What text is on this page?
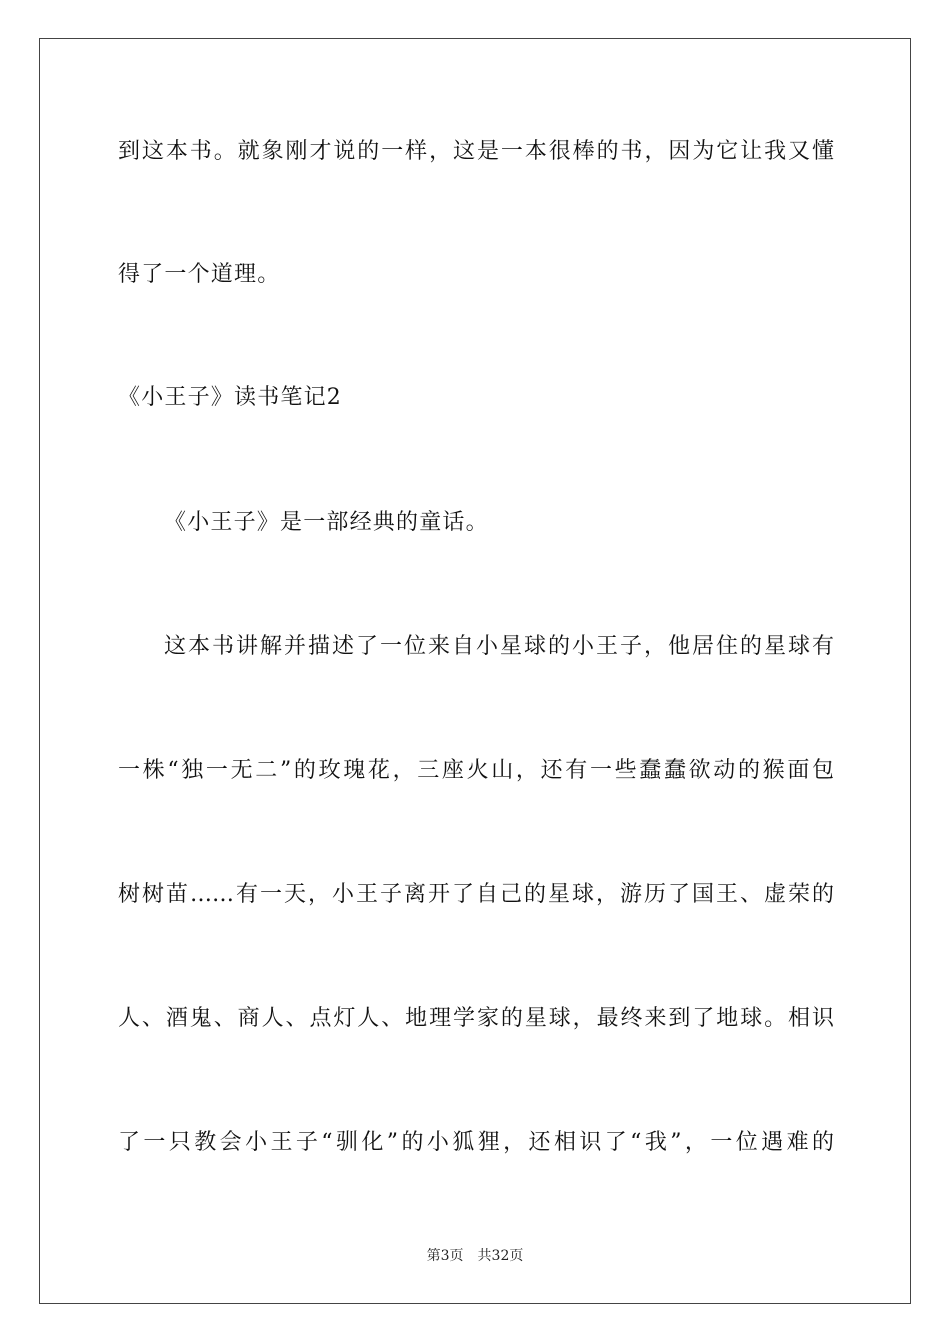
到这本书。就象刚才说的一样，这是一本很棒的书，因为它让我又懂
得了一个道理。
《小王子》读书笔记2
《小王子》是一部经典的童话。
这本书讲解并描述了一位来自小星球的小王子，他居住的星球有
一株“独一无二”的玫瑰花，三座火山，还有一些蠢蠢欲动的猴面包
树树苗……有一天，小王子离开了自己的星球，游历了国王、虚荣的
人、酒鬼、商人、点灯人、地理学家的星球，最终来到了地球。相识
了一只教会小王子“驯化”的小狐狸，还相识了“我”，一位遇难的
第3页 共32页
